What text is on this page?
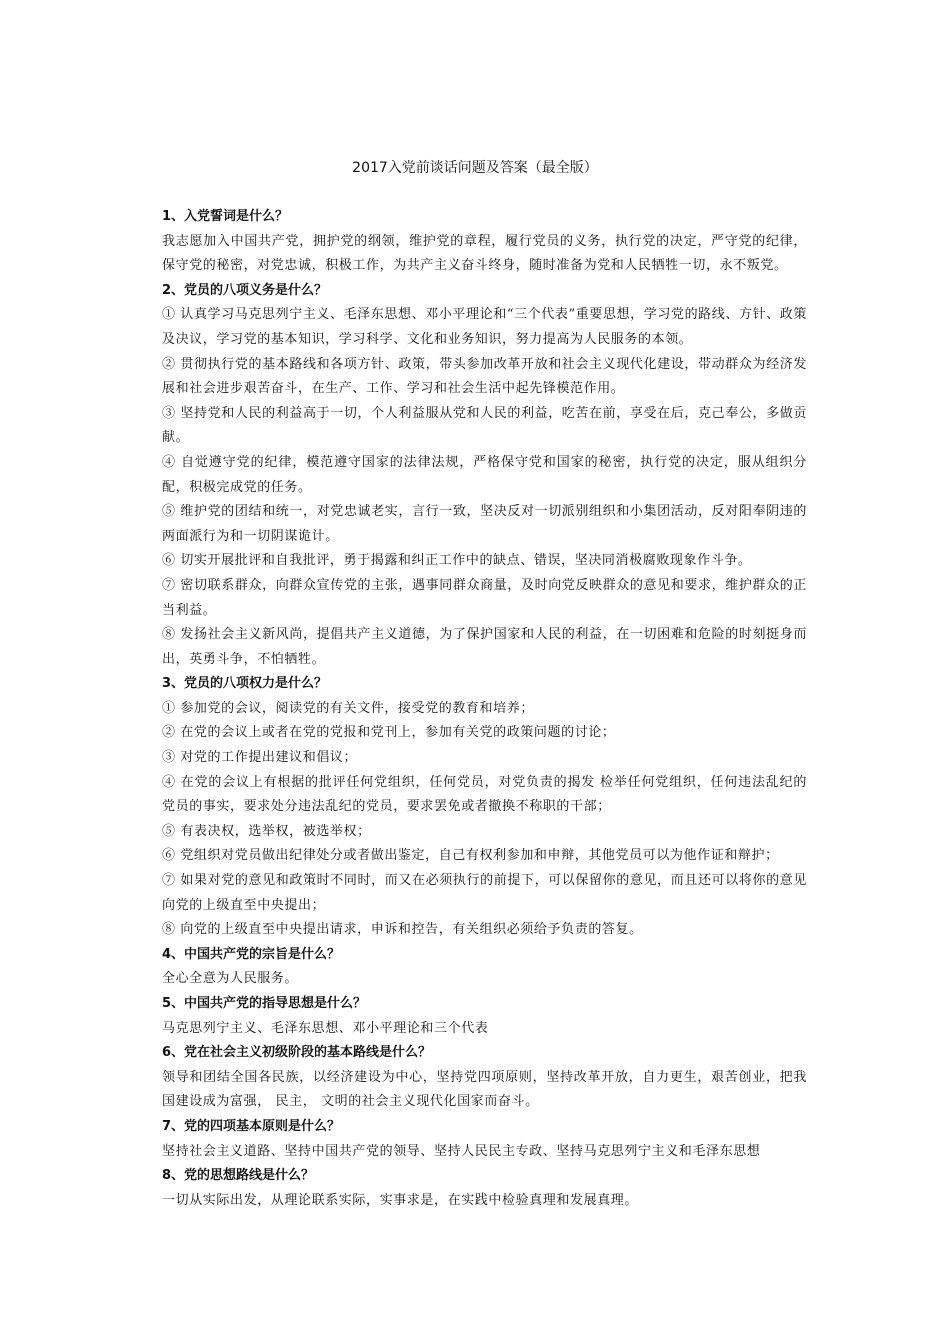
2017入党前谈话问题及答案（最全版）
1、入党誓词是什么？
我志愿加入中国共产党，拥护党的纲领，维护党的章程，履行党员的义务，执行党的决定，严守党的纪律，保守党的秘密，对党忠诚，积极工作，为共产主义奋斗终身，随时准备为党和人民牺牲一切，永不叛党。
2、党员的八项义务是什么？
① 认真学习马克思列宁主义、毛泽东思想、邓小平理论和“三个代表”重要思想，学习党的路线、方针、政策及决议，学习党的基本知识，学习科学、文化和业务知识，努力提高为人民服务的本领。
② 贯彻执行党的基本路线和各项方针、政策，带头参加改革开放和社会主义现代化建设，带动群众为经济发展和社会进步艰苦奋斗，在生产、工作、学习和社会生活中起先锋模范作用。
③ 坚持党和人民的利益高于一切，个人利益服从党和人民的利益，吃苦在前，享受在后，克己奉公，多做贡献。
④ 自觉遵守党的纪律，模范遵守国家的法律法规，严格保守党和国家的秘密，执行党的决定，服从组织分配，积极完成党的任务。
⑤ 维护党的团结和统一，对党忠诚老实，言行一致，坚决反对一切派别组织和小集团活动，反对阳奉阴违的两面派行为和一切阴谋诡计。
⑥ 切实开展批评和自我批评，勇于揭露和纠正工作中的缺点、错误，坚决同消极腐败现象作斗争。
⑦ 密切联系群众，向群众宣传党的主张，遇事同群众商量，及时向党反映群众的意见和要求，维护群众的正当利益。
⑧ 发扬社会主义新风尚，提倡共产主义道德，为了保护国家和人民的利益，在一切困难和危险的时刻挺身而出，英勇斗争，不怕牺牲。
3、党员的八项权力是什么？
① 参加党的会议，阅读党的有关文件，接受党的教育和培养；
② 在党的会议上或者在党的党报和党刊上，参加有关党的政策问题的讨论；
③ 对党的工作提出建议和倡议；
④ 在党的会议上有根据的批评任何党组织，任何党员，对党负责的揭发 检举任何党组织，任何违法乱纪的党员的事实，要求处分违法乱纪的党员，要求罢免或者撤换不称职的干部；
⑤ 有表决权，选举权，被选举权；
⑥ 党组织对党员做出纪律处分或者做出鉴定，自己有权利参加和申辩，其他党员可以为他作证和辩护；
⑦ 如果对党的意见和政策时不同时，而又在必须执行的前提下，可以保留你的意见，而且还可以将你的意见向党的上级直至中央提出；
⑧ 向党的上级直至中央提出请求，申诉和控告，有关组织必须给予负责的答复。
4、中国共产党的宗旨是什么？
全心全意为人民服务。
5、中国共产党的指导思想是什么？
马克思列宁主义、毛泽东思想、邓小平理论和三个代表
6、党在社会主义初级阶段的基本路线是什么？
领导和团结全国各民族，以经济建设为中心，坚持党四项原则，坚持改革开放，自力更生，艰苦创业，把我国建设成为富强， 民主， 文明的社会主义现代化国家而奋斗。
7、党的四项基本原则是什么？
坚持社会主义道路、坚持中国共产党的领导、坚持人民民主专政、坚持马克思列宁主义和毛泽东思想
8、党的思想路线是什么？
一切从实际出发，从理论联系实际，实事求是，在实践中检验真理和发展真理。
